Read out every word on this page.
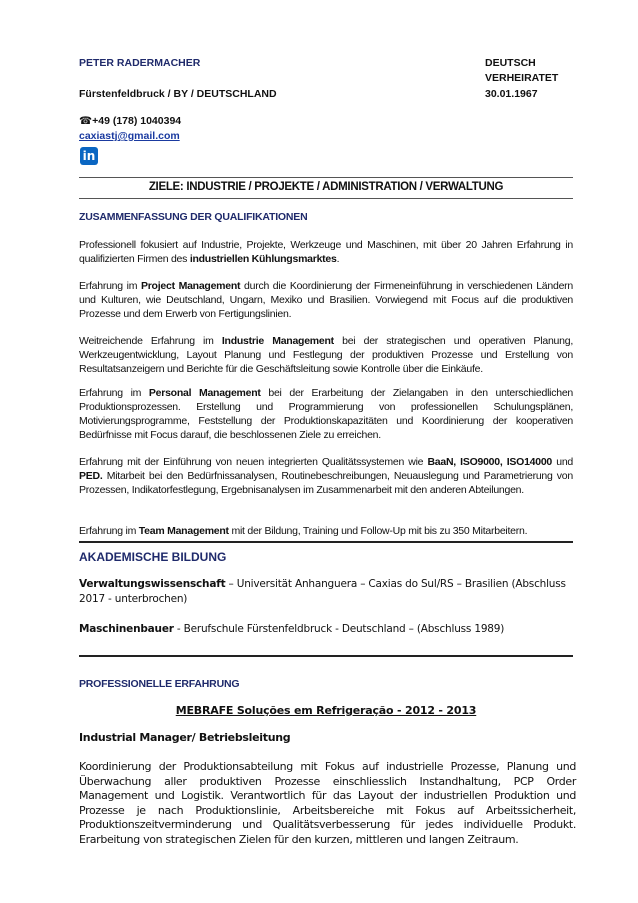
PETER RADERMACHER	DEUTSCH
VERHEIRATET
Fürstenfeldbruck / BY / DEUTSCHLAND	30.01.1967
☎+49 (178) 1040394
caxiastj@gmail.com
in
ZIELE: INDUSTRIE / PROJEKTE / ADMINISTRATION / VERWALTUNG
ZUSAMMENFASSUNG DER QUALIFIKATIONEN

Professionell fokusiert auf Industrie, Projekte, Werkzeuge und Maschinen, mit über 20 Jahren Erfahrung in qualifizierten Firmen des industriellen Kühlungsmarktes.

Erfahrung im Project Management durch die Koordinierung der Firmeneinführung in verschiedenen Ländern und Kulturen, wie Deutschland, Ungarn, Mexiko und Brasilien. Vorwiegend mit Focus auf die produktiven Prozesse und dem Erwerb von Fertigungslinien.

Weitreichende Erfahrung im Industrie Management bei der strategischen und operativen Planung, Werkzeugentwicklung, Layout Planung und Festlegung der produktiven Prozesse und Erstellung von Resultatsanzeigern und Berichte für die Geschäftsleitung sowie Kontrolle über die Einkäufe.

Erfahrung im Personal Management bei der Erarbeitung der Zielangaben in den unterschiedlichen Produktionsprozessen. Erstellung und Programmierung von professionellen Schulungsplänen, Motivierungsprogramme, Feststellung der Produktionskapazitäten und Koordinierung der kooperativen Bedürfnisse mit Focus darauf, die beschlossenen Ziele zu erreichen.

Erfahrung mit der Einführung von neuen integrierten Qualitätssystemen wie BaaN, ISO9000, ISO14000 und PED. Mitarbeit bei den Bedürfnissanalysen, Routinebeschreibungen, Neuauslegung und Parametrierung von Prozessen, Indikatorfestlegung, Ergebnisanalysen im Zusammenarbeit mit den anderen Abteilungen.

Erfahrung im Team Management mit der Bildung, Training und Follow-Up mit bis zu 350 Mitarbeitern.

AKADEMISCHE BILDUNG

Verwaltungswissenschaft – Universität Anhanguera – Caxias do Sul/RS – Brasilien (Abschluss 2017 - unterbrochen)

Maschinenbauer - Berufschule Fürstenfeldbruck - Deutschland – (Abschluss 1989)

PROFESSIONELLE ERFAHRUNG
MEBRAFE Soluções em Refrigeração - 2012 - 2013
Industrial Manager/ Betriebsleitung

Koordinierung der Produktionsabteilung mit Fokus auf industrielle Prozesse, Planung und Überwachung aller produktiven Prozesse einschliesslich Instandhaltung, PCP Order Management und Logistik. Verantwortlich für das Layout der industriellen Produktion und Prozesse je nach Produktionslinie, Arbeitsbereiche mit Fokus auf Arbeitssicherheit, Produktionszeitverminderung und Qualitätsverbesserung für jedes individuelle Produkt. Erarbeitung von strategischen Zielen für den kurzen, mittleren und langen Zeitraum.
